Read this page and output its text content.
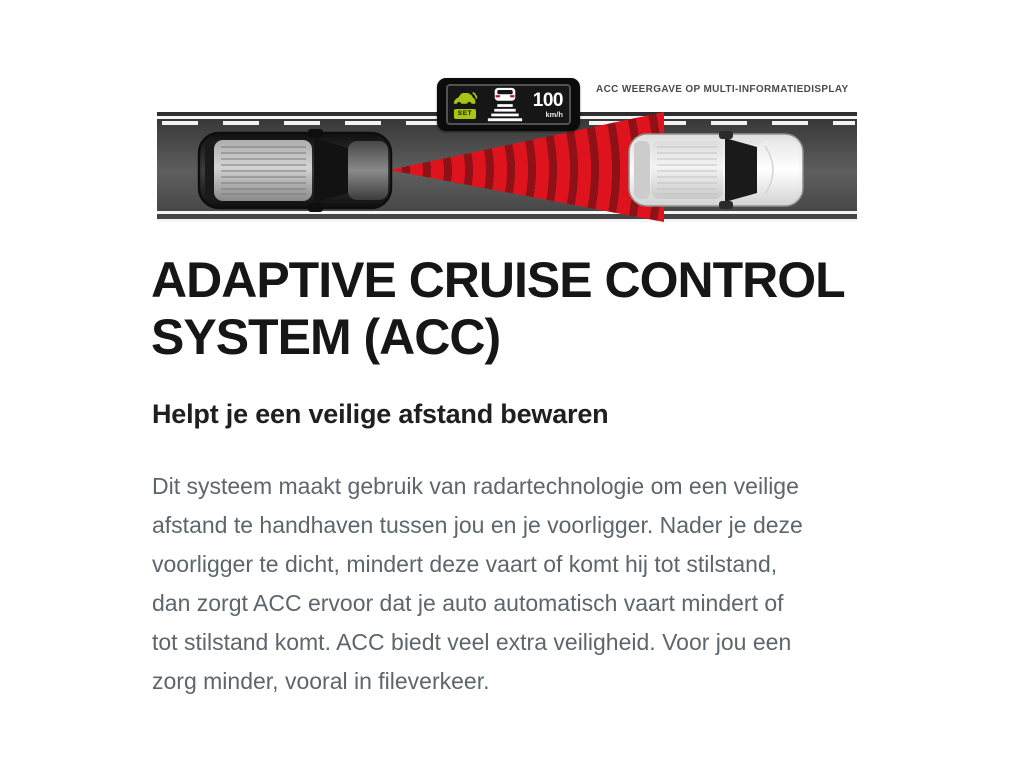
SET
100
km/h
ACC WEERGAVE OP MULTI-INFORMATIEDISPLAY
ADAPTIVE CRUISE CONTROL
SYSTEM (ACC)
Helpt je een veilige afstand bewaren

Dit systeem maakt gebruik van radartechnologie om een veilige
afstand te handhaven tussen jou en je voorligger. Nader je deze
voorligger te dicht, mindert deze vaart of komt hij tot stilstand,
dan zorgt ACC ervoor dat je auto automatisch vaart mindert of
tot stilstand komt. ACC biedt veel extra veiligheid. Voor jou een
zorg minder, vooral in fileverkeer.
